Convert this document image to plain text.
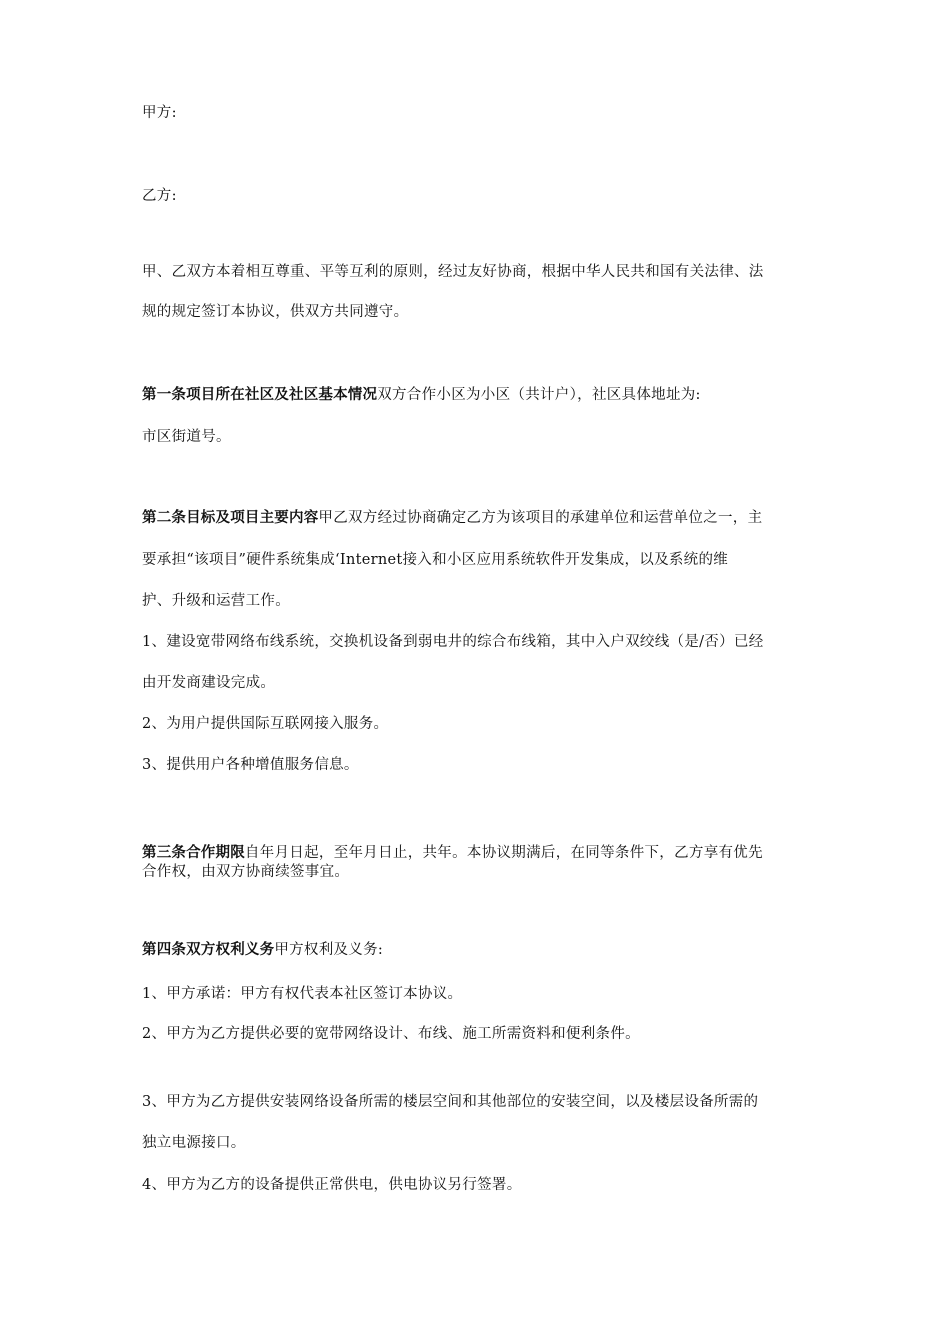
甲方:
乙方:
甲、乙双方本着相互尊重、平等互利的原则，经过友好协商，根据中华人民共和国有关法律、法
规的规定签订本协议，供双方共同遵守。
第一条项目所在社区及社区基本情况双方合作小区为小区（共计户），社区具体地址为:
市区街道号。
第二条目标及项目主要内容甲乙双方经过协商确定乙方为该项目的承建单位和运营单位之一，主
要承担“该项目”硬件系统集成‘Internet接入和小区应用系统软件开发集成，以及系统的维
护、升级和运营工作。
1、建设宽带网络布线系统，交换机设备到弱电井的综合布线箱，其中入户双绞线（是/否）已经
由开发商建设完成。
2、为用户提供国际互联网接入服务。
3、提供用户各种增值服务信息。
第三条合作期限自年月日起，至年月日止，共年。本协议期满后，在同等条件下，乙方享有优先
合作权，由双方协商续签事宜。
第四条双方权利义务甲方权利及义务:
1、甲方承诺：甲方有权代表本社区签订本协议。
2、甲方为乙方提供必要的宽带网络设计、布线、施工所需资料和便利条件。
3、甲方为乙方提供安装网络设备所需的楼层空间和其他部位的安装空间，以及楼层设备所需的
独立电源接口。
4、甲方为乙方的设备提供正常供电，供电协议另行签署。
